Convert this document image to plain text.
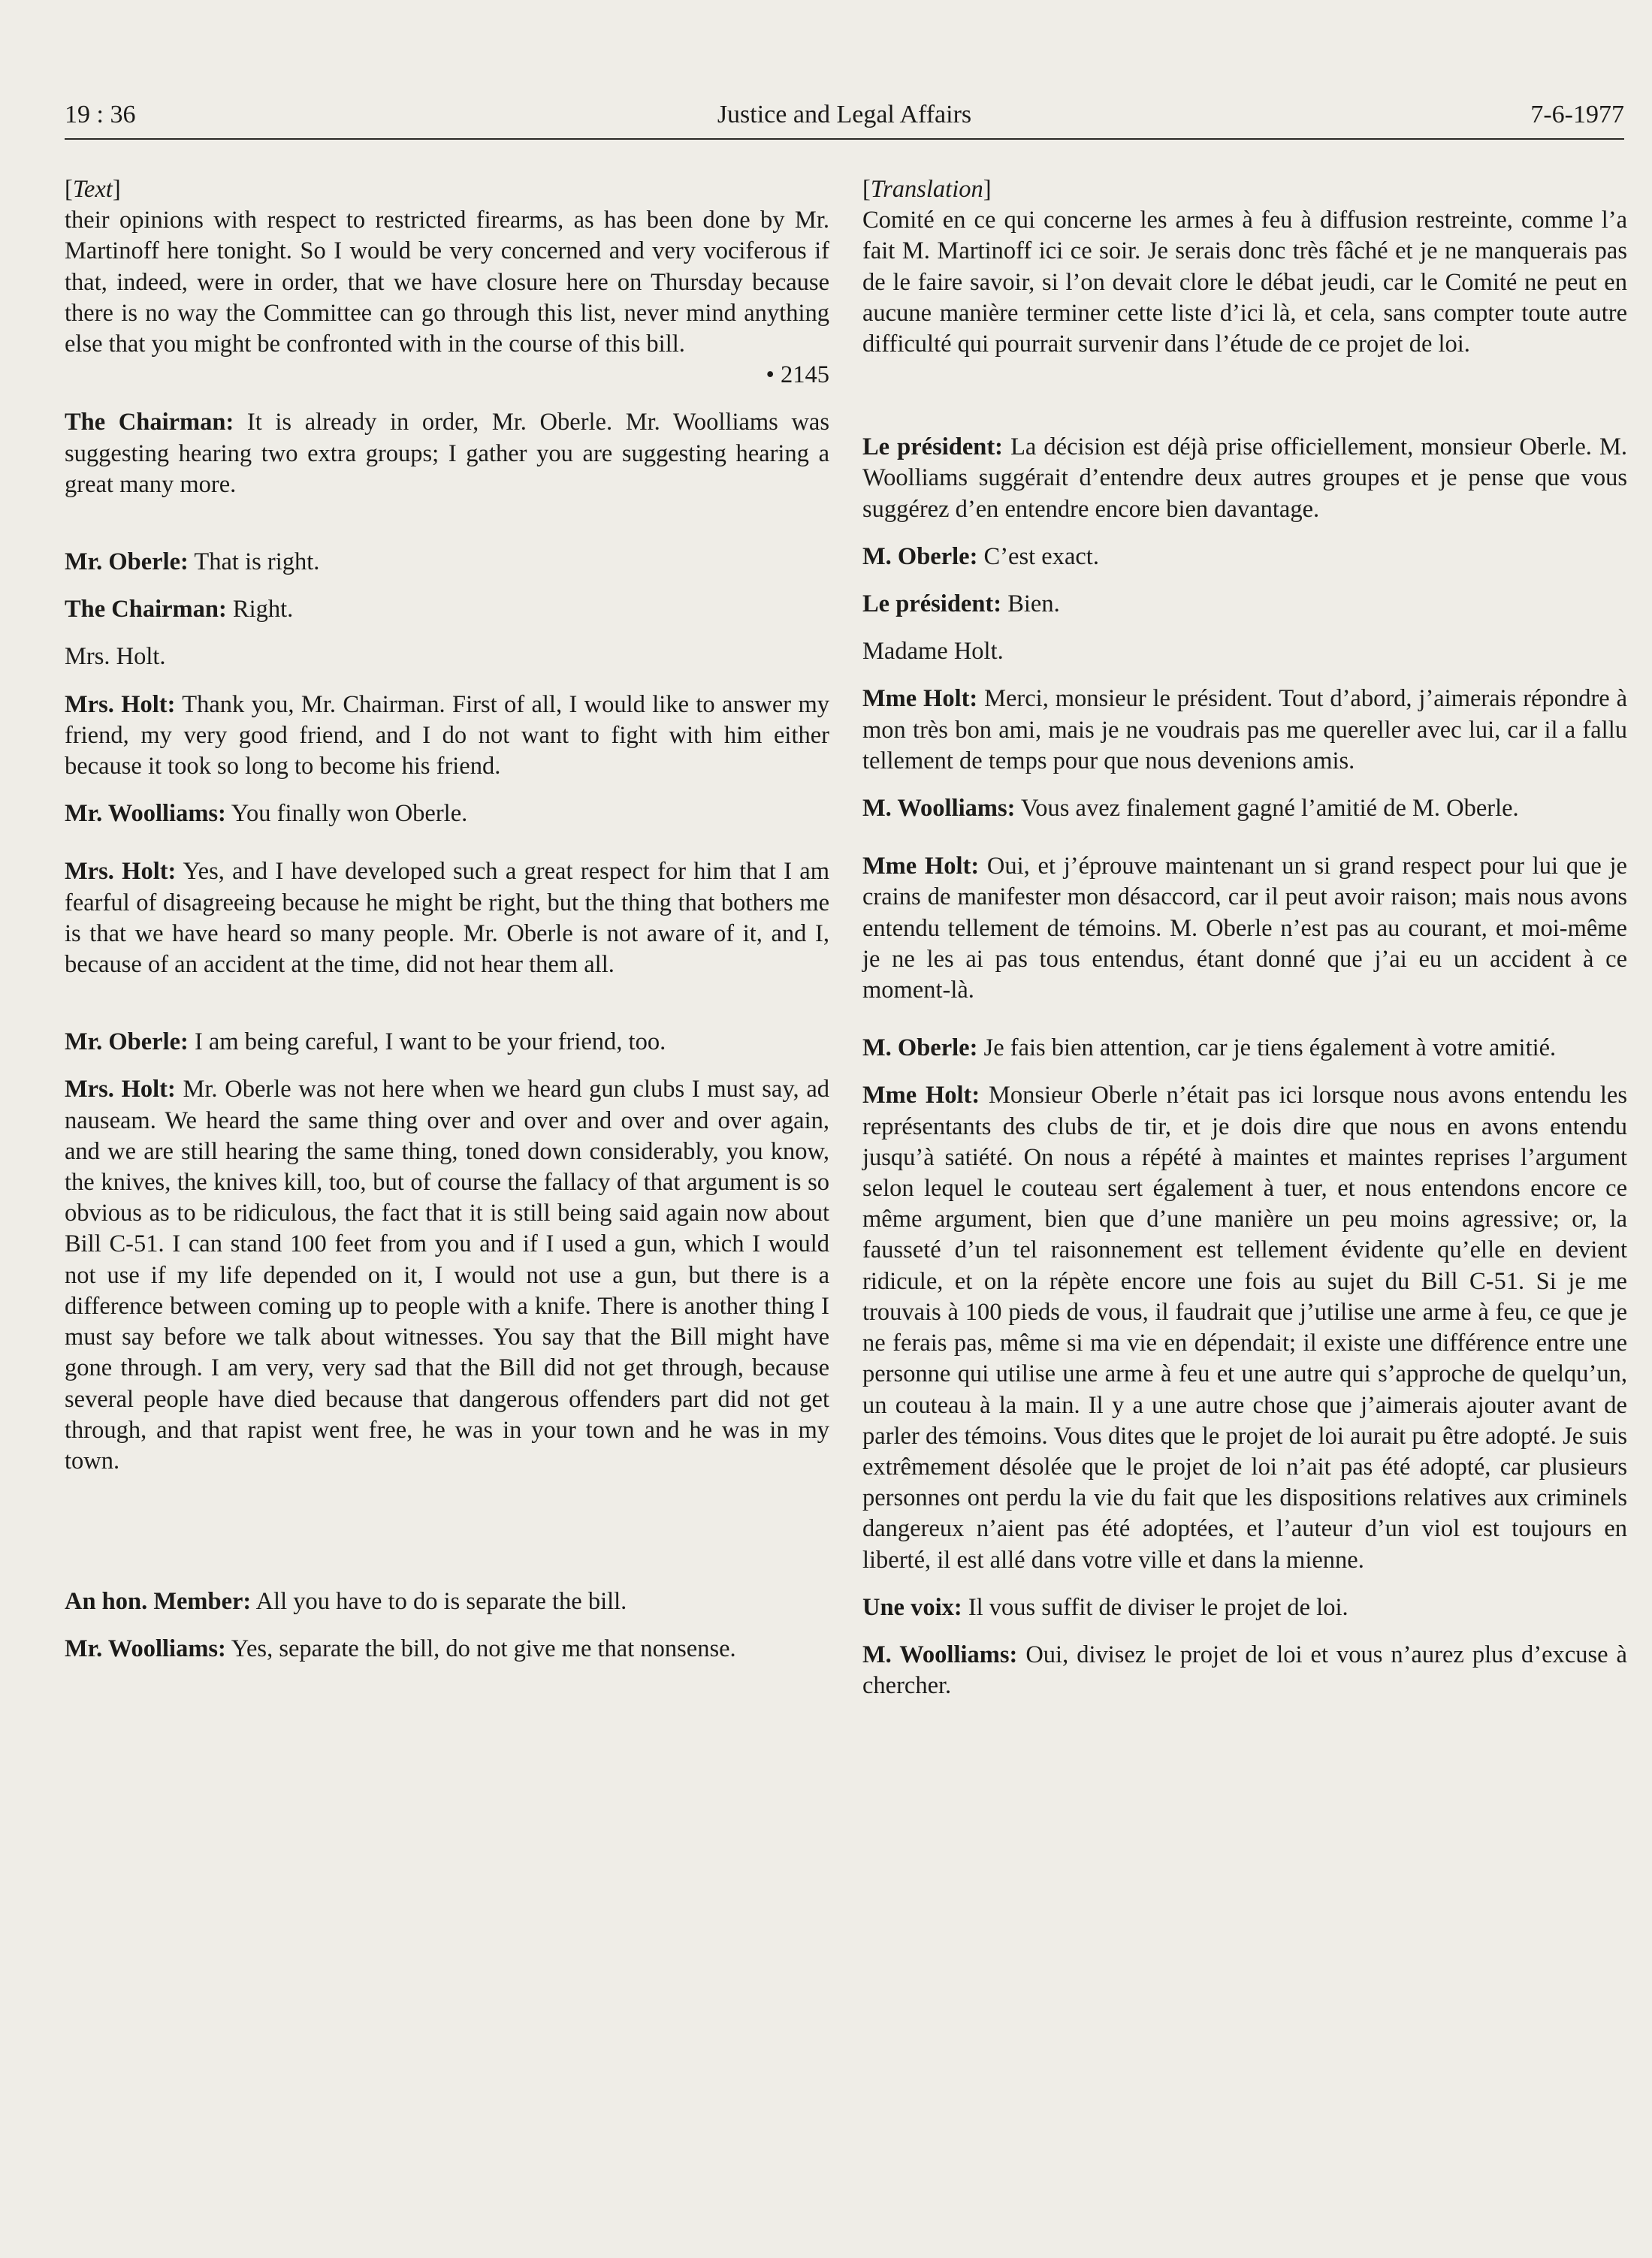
19 : 36	Justice and Legal Affairs	7-6-1977

[Text]

their opinions with respect to restricted firearms, as has been done by Mr. Martinoff here tonight. So I would be very concerned and very vociferous if that, indeed, were in order, that we have closure here on Thursday because there is no way the Committee can go through this list, never mind anything else that you might be confronted with in the course of this bill.

• 2145

The Chairman: It is already in order, Mr. Oberle. Mr. Woolliams was suggesting hearing two extra groups; I gather you are suggesting hearing a great many more.

Mr. Oberle: That is right.

The Chairman: Right.

Mrs. Holt.

Mrs. Holt: Thank you, Mr. Chairman. First of all, I would like to answer my friend, my very good friend, and I do not want to fight with him either because it took so long to become his friend.

Mr. Woolliams: You finally won Oberle.

Mrs. Holt: Yes, and I have developed such a great respect for him that I am fearful of disagreeing because he might be right, but the thing that bothers me is that we have heard so many people. Mr. Oberle is not aware of it, and I, because of an accident at the time, did not hear them all.

Mr. Oberle: I am being careful, I want to be your friend, too.

Mrs. Holt: Mr. Oberle was not here when we heard gun clubs I must say, ad nauseam. We heard the same thing over and over and over and over again, and we are still hearing the same thing, toned down considerably, you know, the knives, the knives kill, too, but of course the fallacy of that argument is so obvious as to be ridiculous, the fact that it is still being said again now about Bill C-51. I can stand 100 feet from you and if I used a gun, which I would not use if my life depended on it, I would not use a gun, but there is a difference between coming up to people with a knife. There is another thing I must say before we talk about witnesses. You say that the Bill might have gone through. I am very, very sad that the Bill did not get through, because several people have died because that dangerous offenders part did not get through, and that rapist went free, he was in your town and he was in my town.

An hon. Member: All you have to do is separate the bill.

Mr. Woolliams: Yes, separate the bill, do not give me that nonsense.

[Translation]

Comité en ce qui concerne les armes à feu à diffusion restreinte, comme l’a fait M. Martinoff ici ce soir. Je serais donc très fâché et je ne manquerais pas de le faire savoir, si l’on devait clore le débat jeudi, car le Comité ne peut en aucune manière terminer cette liste d’ici là, et cela, sans compter toute autre difficulté qui pourrait survenir dans l’étude de ce projet de loi.

Le président: La décision est déjà prise officiellement, monsieur Oberle. M. Woolliams suggérait d’entendre deux autres groupes et je pense que vous suggérez d’en entendre encore bien davantage.

M. Oberle: C’est exact.

Le président: Bien.

Madame Holt.

Mme Holt: Merci, monsieur le président. Tout d’abord, j’aimerais répondre à mon très bon ami, mais je ne voudrais pas me quereller avec lui, car il a fallu tellement de temps pour que nous devenions amis.

M. Woolliams: Vous avez finalement gagné l’amitié de M. Oberle.

Mme Holt: Oui, et j’éprouve maintenant un si grand respect pour lui que je crains de manifester mon désaccord, car il peut avoir raison; mais nous avons entendu tellement de témoins. M. Oberle n’est pas au courant, et moi-même je ne les ai pas tous entendus, étant donné que j’ai eu un accident à ce moment-là.

M. Oberle: Je fais bien attention, car je tiens également à votre amitié.

Mme Holt: Monsieur Oberle n’était pas ici lorsque nous avons entendu les représentants des clubs de tir, et je dois dire que nous en avons entendu jusqu’à satiété. On nous a répété à maintes et maintes reprises l’argument selon lequel le couteau sert également à tuer, et nous entendons encore ce même argument, bien que d’une manière un peu moins agressive; or, la fausseté d’un tel raisonnement est tellement évidente qu’elle en devient ridicule, et on la répète encore une fois au sujet du Bill C-51. Si je me trouvais à 100 pieds de vous, il faudrait que j’utilise une arme à feu, ce que je ne ferais pas, même si ma vie en dépendait; il existe une différence entre une personne qui utilise une arme à feu et une autre qui s’approche de quelqu’un, un couteau à la main. Il y a une autre chose que j’aimerais ajouter avant de parler des témoins. Vous dites que le projet de loi aurait pu être adopté. Je suis extrêmement désolée que le projet de loi n’ait pas été adopté, car plusieurs personnes ont perdu la vie du fait que les dispositions relatives aux criminels dangereux n’aient pas été adoptées, et l’auteur d’un viol est toujours en liberté, il est allé dans votre ville et dans la mienne.

Une voix: Il vous suffit de diviser le projet de loi.

M. Woolliams: Oui, divisez le projet de loi et vous n’aurez plus d’excuse à chercher.
